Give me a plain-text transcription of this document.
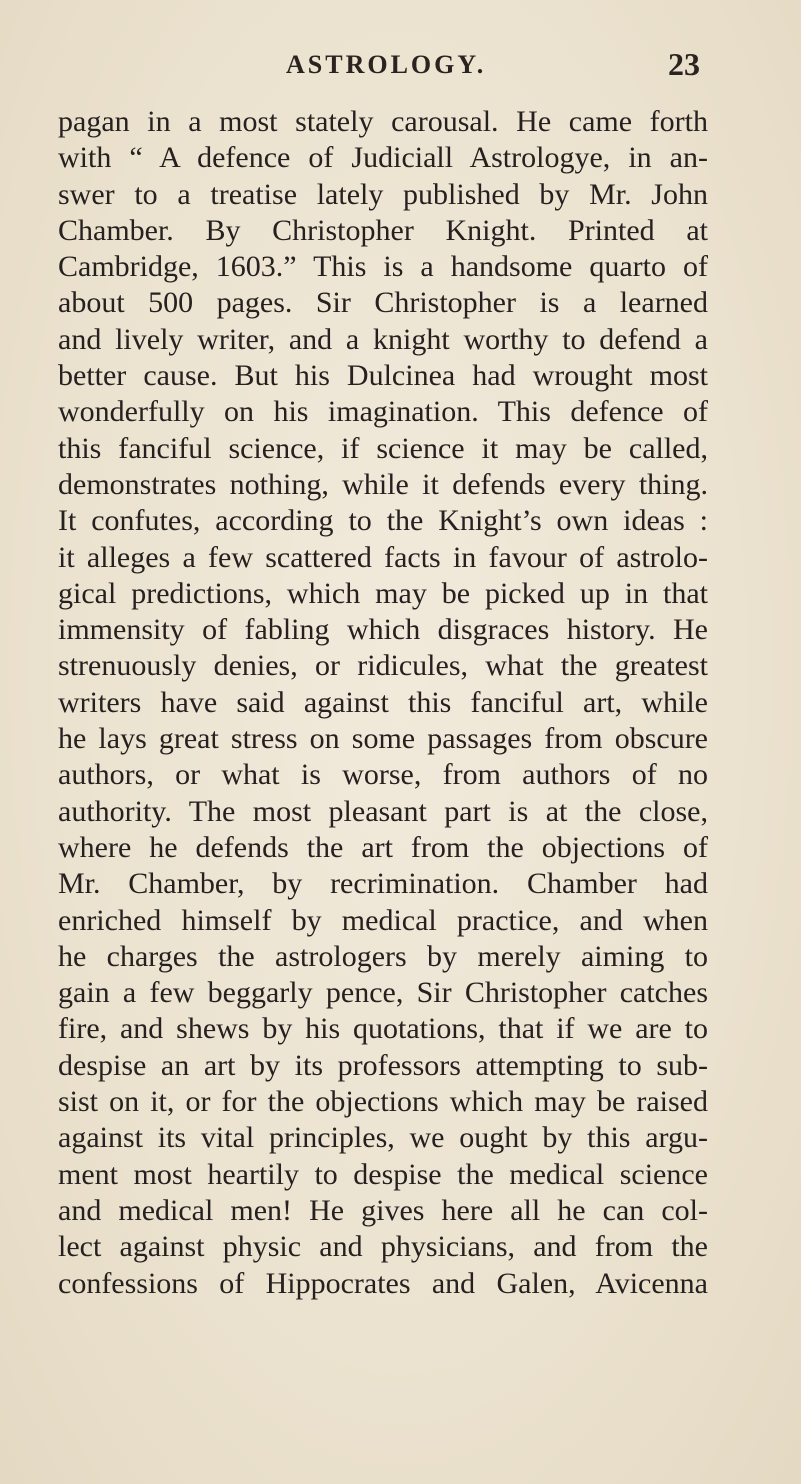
ASTROLOGY.	23
pagan in a most stately carousal. He came forth
with “ A defence of Judiciall Astrologye, in an-
swer to a treatise lately published by Mr. John
Chamber. By Christopher Knight. Printed at
Cambridge, 1603.” This is a handsome quarto of
about 500 pages. Sir Christopher is a learned
and lively writer, and a knight worthy to defend a
better cause. But his Dulcinea had wrought most
wonderfully on his imagination. This defence of
this fanciful science, if science it may be called,
demonstrates nothing, while it defends every thing.
It confutes, according to the Knight’s own ideas :
it alleges a few scattered facts in favour of astrolo-
gical predictions, which may be picked up in that
immensity of fabling which disgraces history. He
strenuously denies, or ridicules, what the greatest
writers have said against this fanciful art, while
he lays great stress on some passages from obscure
authors, or what is worse, from authors of no
authority. The most pleasant part is at the close,
where he defends the art from the objections of
Mr. Chamber, by recrimination. Chamber had
enriched himself by medical practice, and when
he charges the astrologers by merely aiming to
gain a few beggarly pence, Sir Christopher catches
fire, and shews by his quotations, that if we are to
despise an art by its professors attempting to sub-
sist on it, or for the objections which may be raised
against its vital principles, we ought by this argu-
ment most heartily to despise the medical science
and medical men! He gives here all he can col-
lect against physic and physicians, and from the
confessions of Hippocrates and Galen, Avicenna
